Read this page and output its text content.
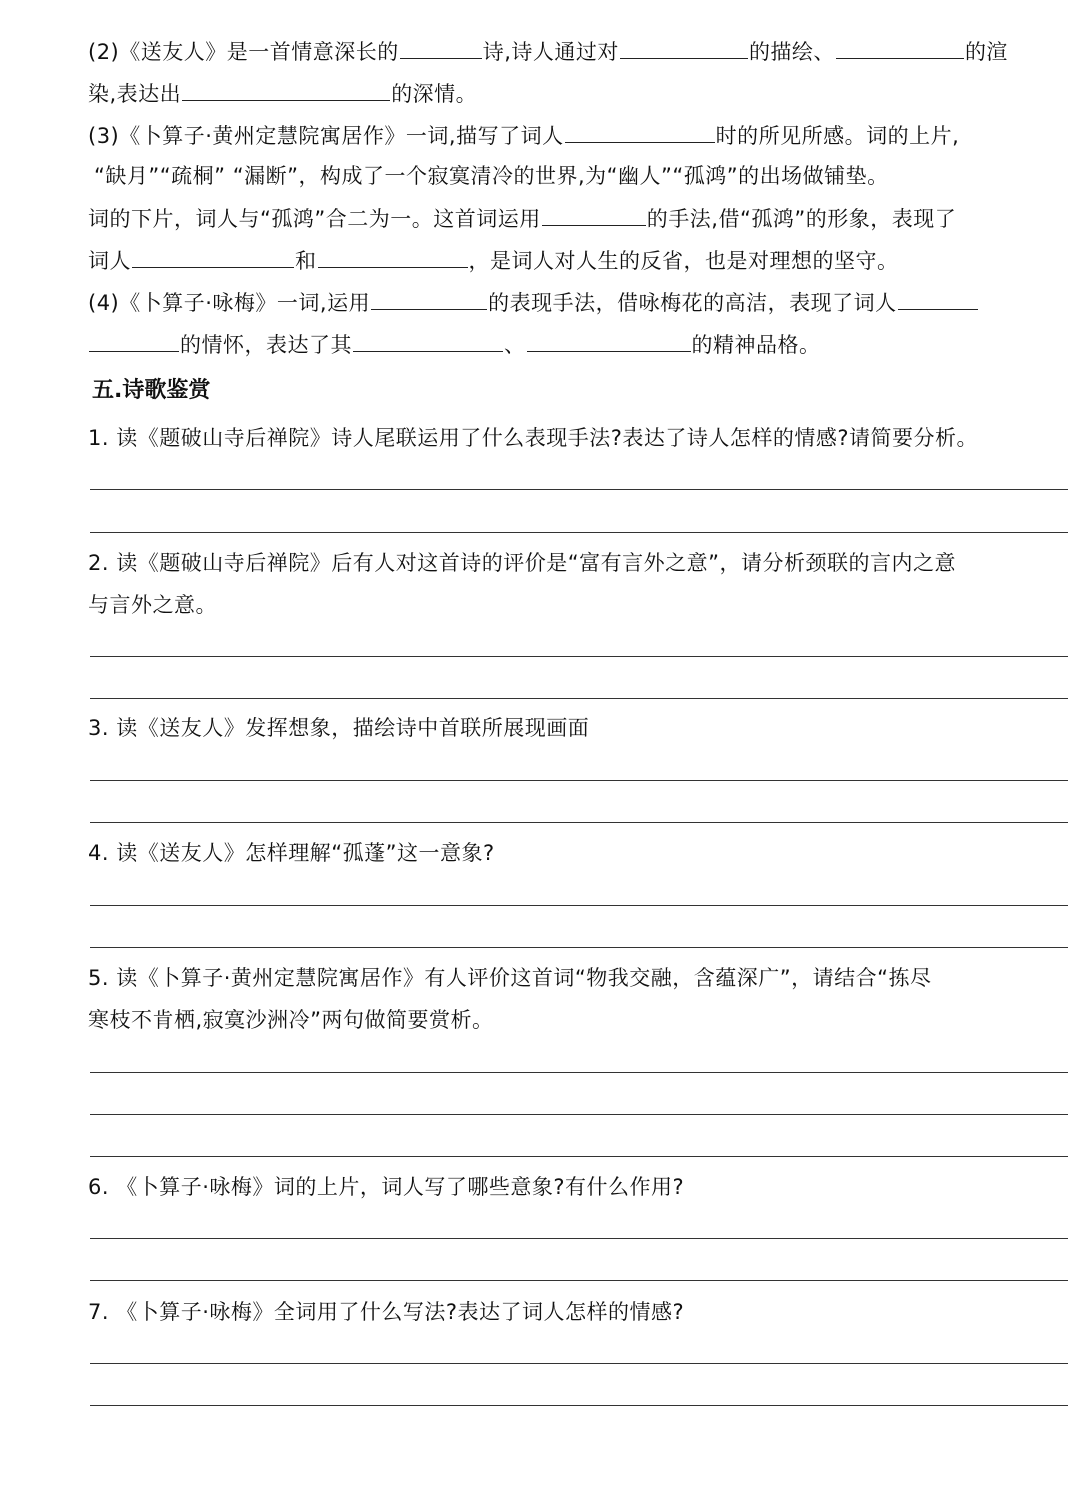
(2)《送友人》是一首情意深长的	诗,诗人通过对	的描绘、	的渲
染,表达出	的深情。
(3)《卜算子·黄州定慧院寓居作》一词,描写了词人	时的所见所感。词的上片,
“缺月”“疏桐” “漏断”，构成了一个寂寞清冷的世界,为“幽人”“孤鸿”的出场做铺垫。
词的下片，词人与“孤鸿”合二为一。这首词运用	的手法,借“孤鸿”的形象，表现了
词人	和	，是词人对人生的反省，也是对理想的坚守。
(4)《卜算子·咏梅》一词,运用	的表现手法，借咏梅花的高洁，表现了词人
的情怀，表达了其	、	的精神品格。
五.诗歌鉴赏
1. 读《题破山寺后禅院》诗人尾联运用了什么表现手法?表达了诗人怎样的情感?请简要分析。
2. 读《题破山寺后禅院》后有人对这首诗的评价是“富有言外之意”，请分析颈联的言内之意
与言外之意。
3. 读《送友人》发挥想象，描绘诗中首联所展现画面
4. 读《送友人》怎样理解“孤蓬”这一意象?
5. 读《卜算子·黄州定慧院寓居作》有人评价这首词“物我交融，含蕴深广”，请结合“拣尽
寒枝不肯栖,寂寞沙洲冷”两句做简要赏析。
6. 《卜算子·咏梅》词的上片，词人写了哪些意象?有什么作用?
7. 《卜算子·咏梅》全词用了什么写法?表达了词人怎样的情感?
